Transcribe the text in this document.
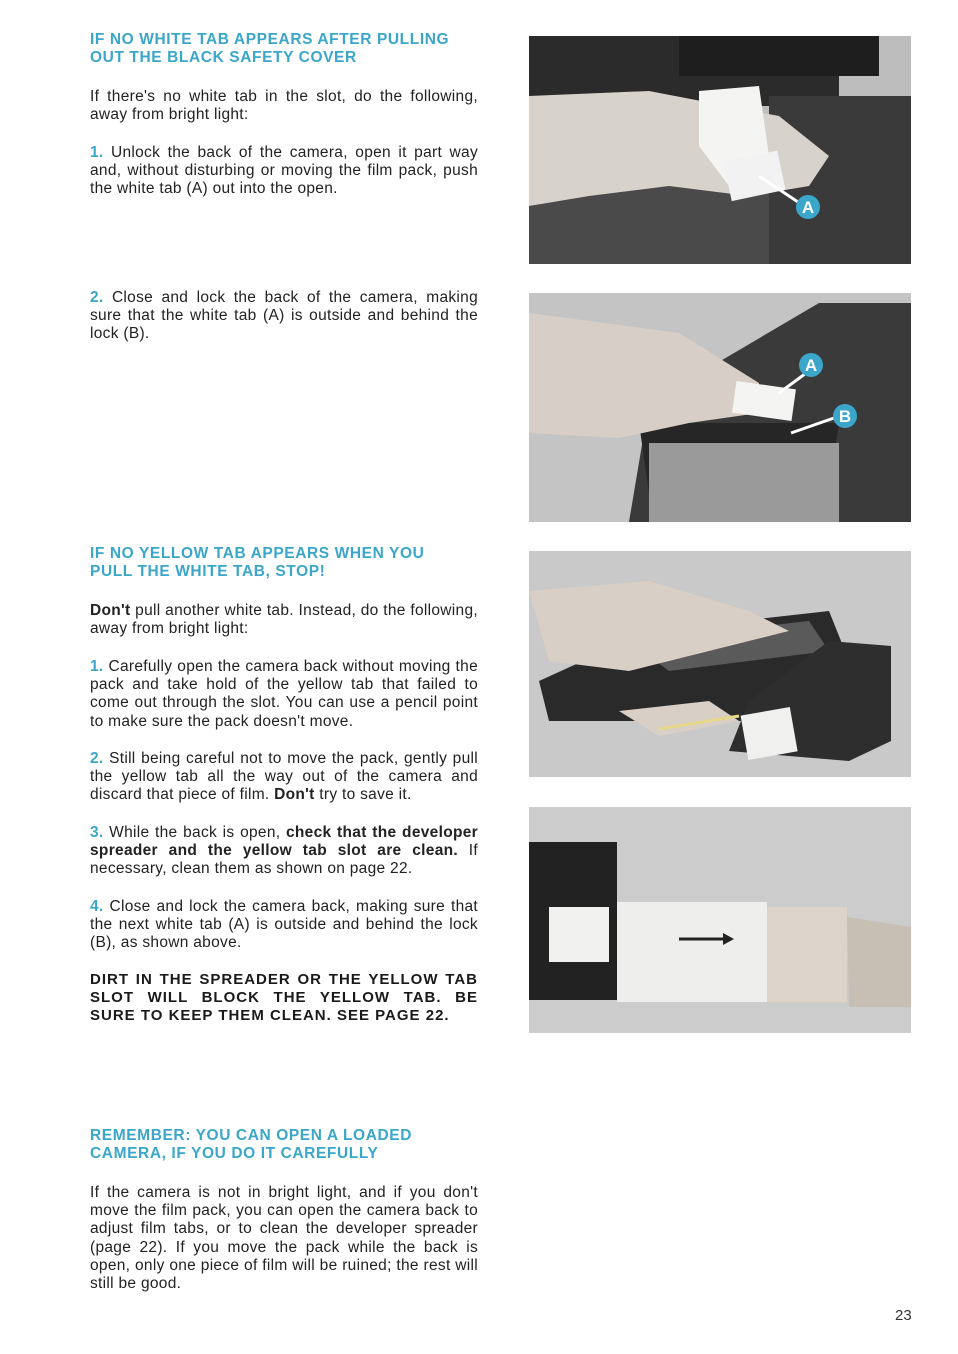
IF NO WHITE TAB APPEARS AFTER PULLING
OUT THE BLACK SAFETY COVER
If there's no white tab in the slot, do the following, away from bright light:
1. Unlock the back of the camera, open it part way and, without disturbing or moving the film pack, push the white tab (A) out into the open.
2. Close and lock the back of the camera, making sure that the white tab (A) is outside and behind the lock (B).
IF NO YELLOW TAB APPEARS WHEN YOU
PULL THE WHITE TAB, STOP!
Don't pull another white tab. Instead, do the following, away from bright light:
1. Carefully open the camera back without moving the pack and take hold of the yellow tab that failed to come out through the slot. You can use a pencil point to make sure the pack doesn't move.
2. Still being careful not to move the pack, gently pull the yellow tab all the way out of the camera and discard that piece of film. Don't try to save it.
3. While the back is open, check that the developer spreader and the yellow tab slot are clean. If necessary, clean them as shown on page 22.
4. Close and lock the camera back, making sure that the next white tab (A) is outside and behind the lock (B), as shown above.
DIRT IN THE SPREADER OR THE YELLOW TAB SLOT WILL BLOCK THE YELLOW TAB. BE SURE TO KEEP THEM CLEAN. SEE PAGE 22.
REMEMBER: YOU CAN OPEN A LOADED
CAMERA, IF YOU DO IT CAREFULLY
If the camera is not in bright light, and if you don't move the film pack, you can open the camera back to adjust film tabs, or to clean the developer spreader (page 22). If you move the pack while the back is open, only one piece of film will be ruined; the rest will still be good.
A
A
B
23
